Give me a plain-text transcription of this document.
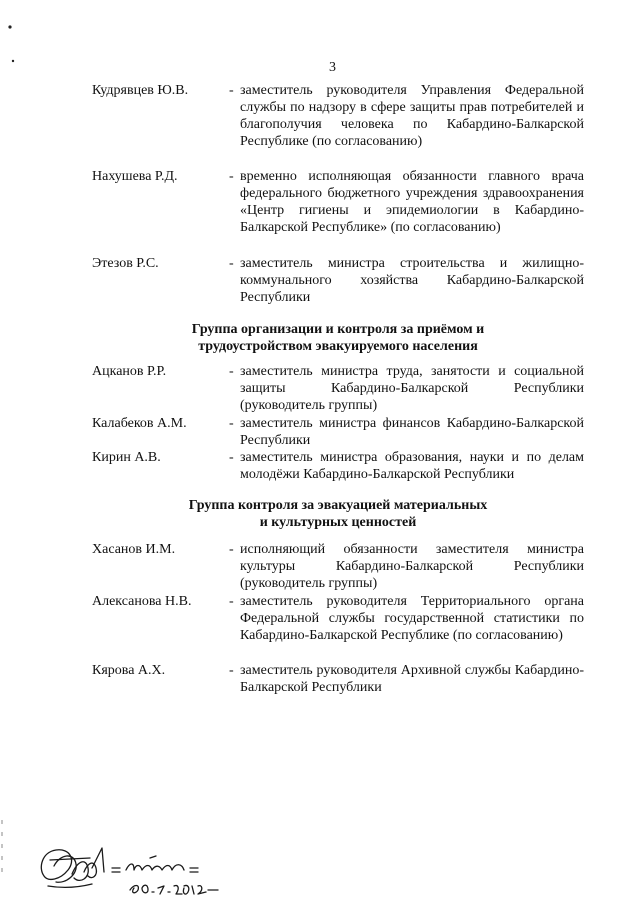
3
Кудрявцев Ю.В.	- заместитель руководителя Управления Федеральной службы по надзору в сфере защиты прав потребителей и благополучия человека по Кабардино-Балкарской Республике (по согласованию)
Нахушева Р.Д.	- временно исполняющая обязанности главного врача федерального бюджетного учреждения здравоохранения «Центр гигиены и эпидемиологии в Кабардино-Балкарской Республике» (по согласованию)
Этезов Р.С.	- заместитель министра строительства и жилищно-коммунального хозяйства Кабардино-Балкарской Республики
Группа организации и контроля за приёмом и
трудоустройством эвакуируемого населения
Ацканов Р.Р.	- заместитель министра труда, занятости и социальной защиты Кабардино-Балкарской Республики (руководитель группы)
Калабеков А.М.	- заместитель министра финансов Кабардино-Балкарской Республики
Кирин А.В.	- заместитель министра образования, науки и по делам молодёжи Кабардино-Балкарской Республики
Группа контроля за эвакуацией материальных
и культурных ценностей
Хасанов И.М.	- исполняющий обязанности заместителя министра культуры Кабардино-Балкарской Республики (руководитель группы)
Алексанова Н.В.	- заместитель руководителя Территориального органа Федеральной службы государственной статистики по Кабардино-Балкарской Республике (по согласованию)
Кярова А.Х.	- заместитель руководителя Архивной службы Кабардино-Балкарской Республики
